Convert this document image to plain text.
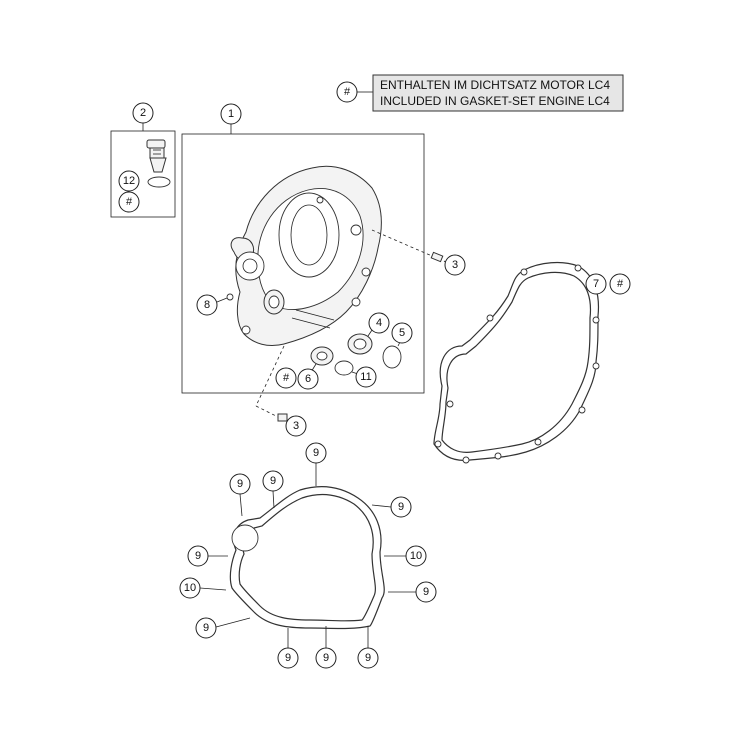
# ENTHALTEN IM DICHTSATZ MOTOR LC4
INCLUDED IN GASKET-SET ENGINE LC4
2
12
#
1
8
4
5
6
#	11
3
3
7 #
9
9 9
9
9	10
10	9
9
9	9	9
